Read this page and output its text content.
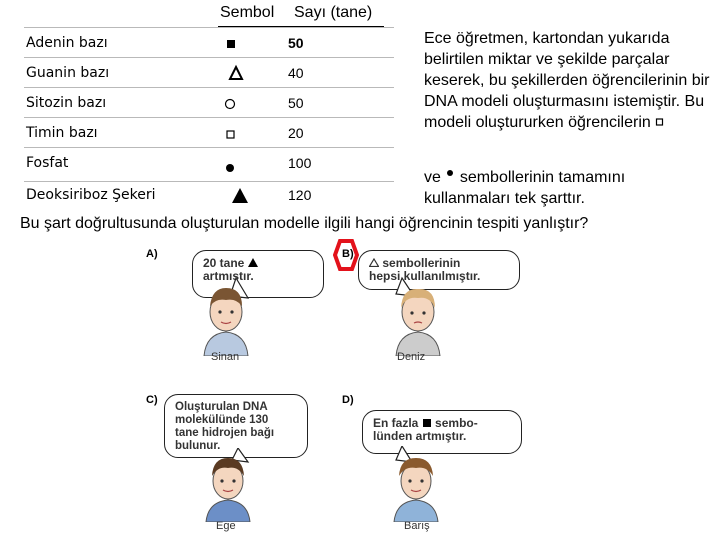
Sembol Sayı (tane)
Adenin bazı	50
Guanin bazı	40
Sitozin bazı	50
Timin bazı	20
Fosfat	100
Deoksiriboz Şekeri	120
Ece öğretmen, kartondan yukarıda belirtilen miktar ve şekilde parçalar keserek, bu şekillerden öğrencilerinin bir DNA modeli oluşturmasını istemiştir. Bu modeli oluştururken öğrencilerin
ve sembollerinin tamamını kullanmaları tek şarttır.
Bu şart doğrultusunda oluşturulan modelle ilgili hangi öğrencinin tespiti yanlıştır?
A)
20 tane
artmıştır.
Sinan
B)
sembollerinin
hepsi kullanılmıştır.
Deniz
C)
Oluşturulan DNA
molekülünde 130
tane hidrojen bağı
bulunur.
Ege
D)
En fazla sembo-
lünden artmıştır.
Barış
